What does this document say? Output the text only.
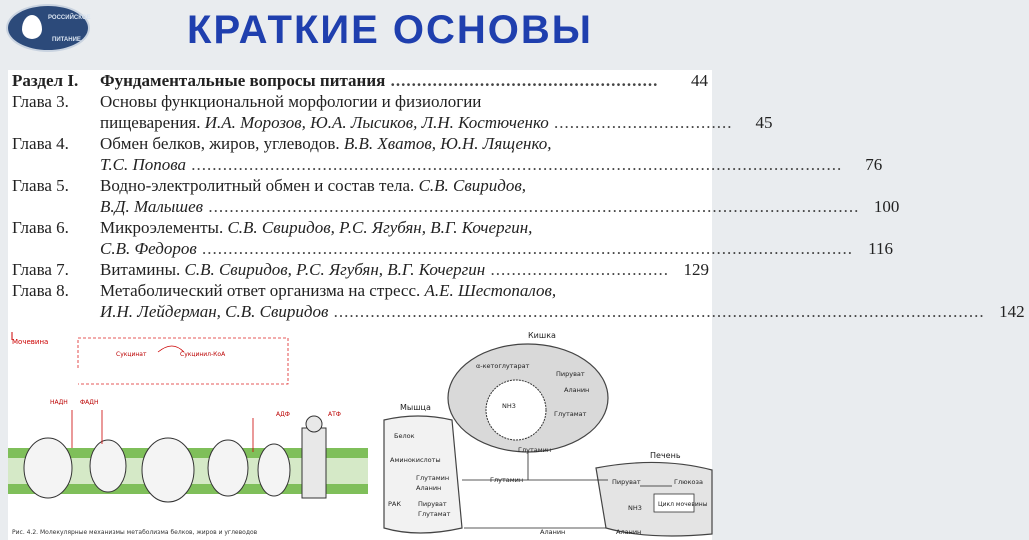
РОССИЙСКОЕ
ПИТАНИЕ	КРАТКИЕ ОСНОВЫ
Раздел I.	Фундаментальные вопросы питания ...................................................	44
Глава 3.	Основы функциональной морфологии и физиологии
пищеварения. И.А. Морозов, Ю.А. Лысиков, Л.Н. Костюченко ..................................	45
Глава 4.	Обмен белков, жиров, углеводов. В.В. Хватов, Ю.Н. Лященко,
Т.С. Попова ............................................................................................................................	76
Глава 5.	Водно-электролитный обмен и состав тела. С.В. Свиридов,
В.Д. Малышев ............................................................................................................................ 100
Глава 6.	Микроэлементы. С.В. Свиридов, Р.С. Ягубян, В.Г. Кочергин,
С.В. Федоров ............................................................................................................................ 116
Глава 7.	Витамины. С.В. Свиридов, Р.С. Ягубян, В.Г. Кочергин .................................. 129
Глава 8.	Метаболический ответ организма на стресс. А.Е. Шестопалов,
И.Н. Лейдерман, С.В. Свиридов ............................................................................................................................ 142
Мочевина
Сукцинат	Сукцинил-КоА
НАДН ФАДН
АДФ	АТФ
Рис. 4.2. Молекулярные механизмы метаболизма белков, жиров и углеводов
Кишка
α-кетоглутарат
Пируват
Аланин
NH3
Глутамат
Глутамин
Мышца
Белок
Аминокислоты
Глутамин
Аланин
РАК	Пируват
Глутамат
Глутамин
Печень
Пируват	Глюкоза
Цикл мочевины
Аланин
NH3
Аланин
